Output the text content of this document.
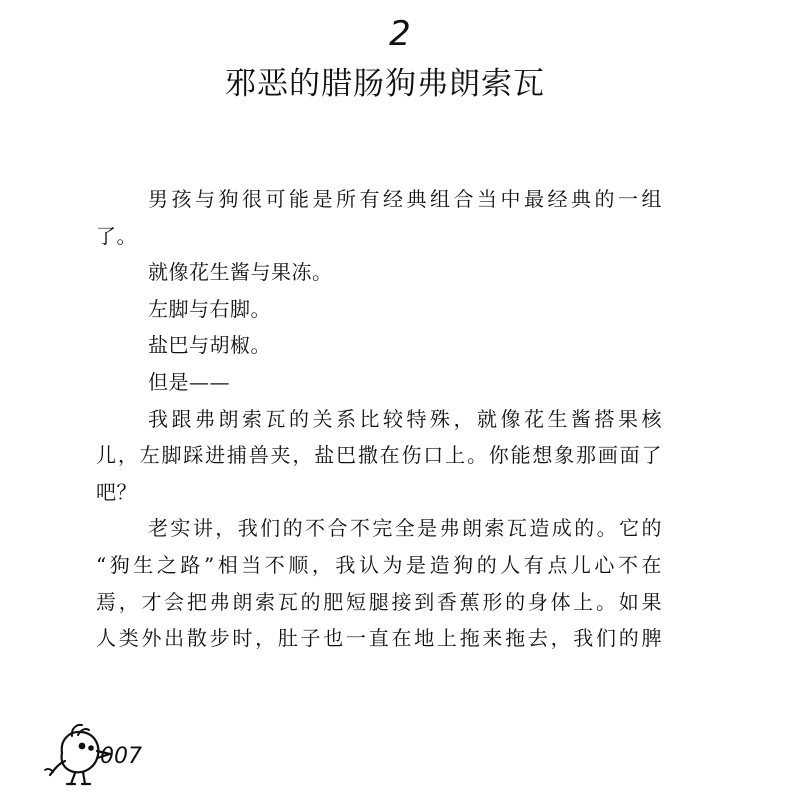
2
邪恶的腊肠狗弗朗索瓦
男孩与狗很可能是所有经典组合当中最经典的一组
了。
就像花生酱与果冻。
左脚与右脚。
盐巴与胡椒。
但是——
我跟弗朗索瓦的关系比较特殊，就像花生酱搭果核
儿，左脚踩进捕兽夹，盐巴撒在伤口上。你能想象那画面了
吧？
老实讲，我们的不合不完全是弗朗索瓦造成的。它的
“狗生之路”相当不顺，我认为是造狗的人有点儿心不在
焉，才会把弗朗索瓦的肥短腿接到香蕉形的身体上。如果
人类外出散步时，肚子也一直在地上拖来拖去，我们的脾
007
